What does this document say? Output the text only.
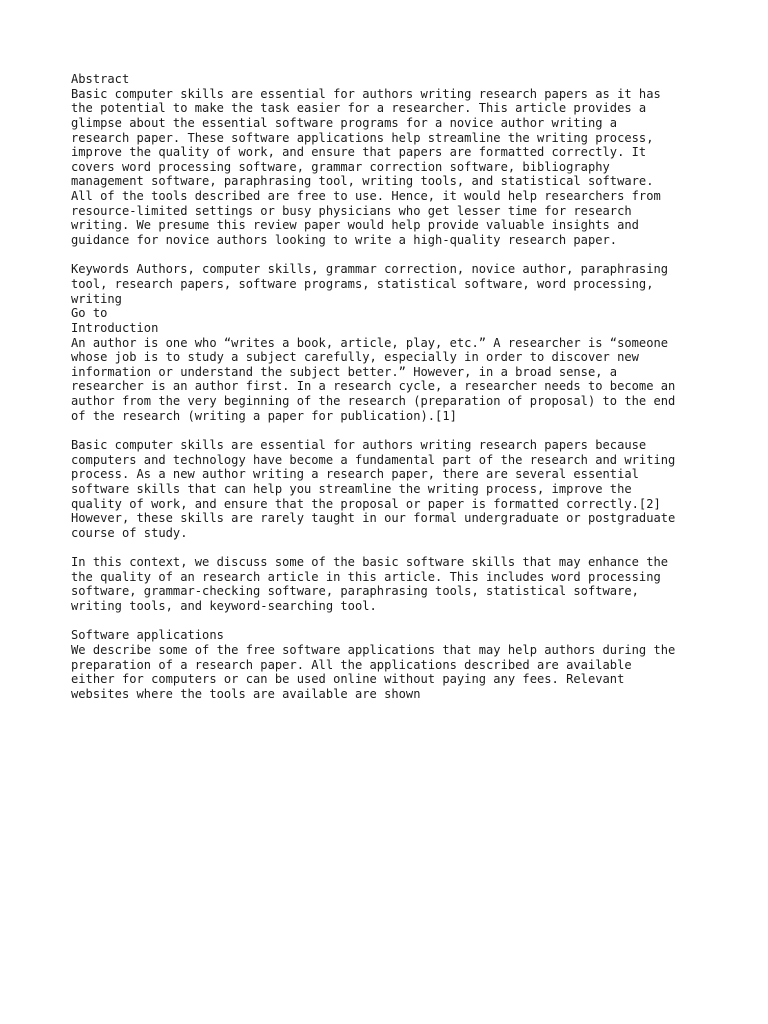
Abstract
Basic computer skills are essential for authors writing research papers as it has
the potential to make the task easier for a researcher. This article provides a
glimpse about the essential software programs for a novice author writing a
research paper. These software applications help streamline the writing process,
improve the quality of work, and ensure that papers are formatted correctly. It
covers word processing software, grammar correction software, bibliography
management software, paraphrasing tool, writing tools, and statistical software.
All of the tools described are free to use. Hence, it would help researchers from
resource-limited settings or busy physicians who get lesser time for research
writing. We presume this review paper would help provide valuable insights and
guidance for novice authors looking to write a high-quality research paper.
Keywords Authors, computer skills, grammar correction, novice author, paraphrasing
tool, research papers, software programs, statistical software, word processing,
writing
Go to
Introduction
An author is one who “writes a book, article, play, etc.” A researcher is “someone
whose job is to study a subject carefully, especially in order to discover new
information or understand the subject better.” However, in a broad sense, a
researcher is an author first. In a research cycle, a researcher needs to become an
author from the very beginning of the research (preparation of proposal) to the end
of the research (writing a paper for publication).[1]
Basic computer skills are essential for authors writing research papers because
computers and technology have become a fundamental part of the research and writing
process. As a new author writing a research paper, there are several essential
software skills that can help you streamline the writing process, improve the
quality of work, and ensure that the proposal or paper is formatted correctly.[2]
However, these skills are rarely taught in our formal undergraduate or postgraduate
course of study.
In this context, we discuss some of the basic software skills that may enhance the
the quality of an research article in this article. This includes word processing
software, grammar-checking software, paraphrasing tools, statistical software,
writing tools, and keyword-searching tool.
Software applications
We describe some of the free software applications that may help authors during the
preparation of a research paper. All the applications described are available
either for computers or can be used online without paying any fees. Relevant
websites where the tools are available are shown
